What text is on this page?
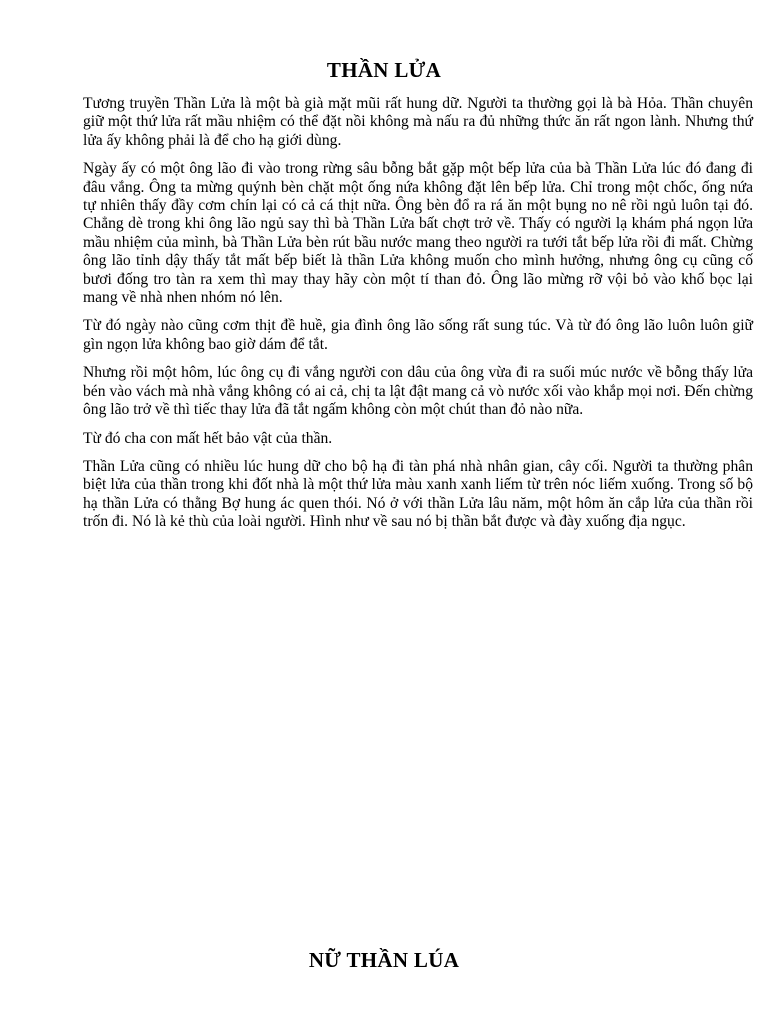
THẦN LỬA

Tương truyền Thần Lửa là một bà già mặt mũi rất hung dữ. Người ta thường gọi là bà Hỏa. Thần chuyên giữ một thứ lửa rất mầu nhiệm có thể đặt nồi không mà nấu ra đủ những thức ăn rất ngon lành. Nhưng thứ lửa ấy không phải là để cho hạ giới dùng.

Ngày ấy có một ông lão đi vào trong rừng sâu bỗng bắt gặp một bếp lửa của bà Thần Lửa lúc đó đang đi đâu vắng. Ông ta mừng quýnh bèn chặt một ống nứa không đặt lên bếp lửa. Chỉ trong một chốc, ống nứa tự nhiên thấy đầy cơm chín lại có cả cá thịt nữa. Ông bèn đổ ra rá ăn một bụng no nê rồi ngủ luôn tại đó. Chẳng dè trong khi ông lão ngủ say thì bà Thần Lửa bất chợt trở về. Thấy có người lạ khám phá ngọn lửa mầu nhiệm của mình, bà Thần Lửa bèn rút bầu nước mang theo người ra tưới tắt bếp lửa rồi đi mất. Chừng ông lão tỉnh dậy thấy tắt mất bếp biết là thần Lửa không muốn cho mình hưởng, nhưng ông cụ cũng cố bươi đống tro tàn ra xem thì may thay hãy còn một tí than đỏ. Ông lão mừng rỡ vội bỏ vào khố bọc lại mang về nhà nhen nhóm nó lên.

Từ đó ngày nào cũng cơm thịt đề huề, gia đình ông lão sống rất sung túc. Và từ đó ông lão luôn luôn giữ gìn ngọn lửa không bao giờ dám để tắt.

Nhưng rồi một hôm, lúc ông cụ đi vắng người con dâu của ông vừa đi ra suối múc nước về bỗng thấy lửa bén vào vách mà nhà vắng không có ai cả, chị ta lật đật mang cả vò nước xối vào khắp mọi nơi. Đến chừng ông lão trở về thì tiếc thay lửa đã tắt ngấm không còn một chút than đỏ nào nữa.

Từ đó cha con mất hết bảo vật của thần.

Thần Lửa cũng có nhiều lúc hung dữ cho bộ hạ đi tàn phá nhà nhân gian, cây cối. Người ta thường phân biệt lửa của thần trong khi đốt nhà là một thứ lửa màu xanh xanh liếm từ trên nóc liếm xuống. Trong số bộ hạ thần Lửa có thằng Bợ hung ác quen thói. Nó ở với thần Lửa lâu năm, một hôm ăn cắp lửa của thần rồi trốn đi. Nó là kẻ thù của loài người. Hình như về sau nó bị thần bắt được và đày xuống địa ngục.

NỮ THẦN LÚA
